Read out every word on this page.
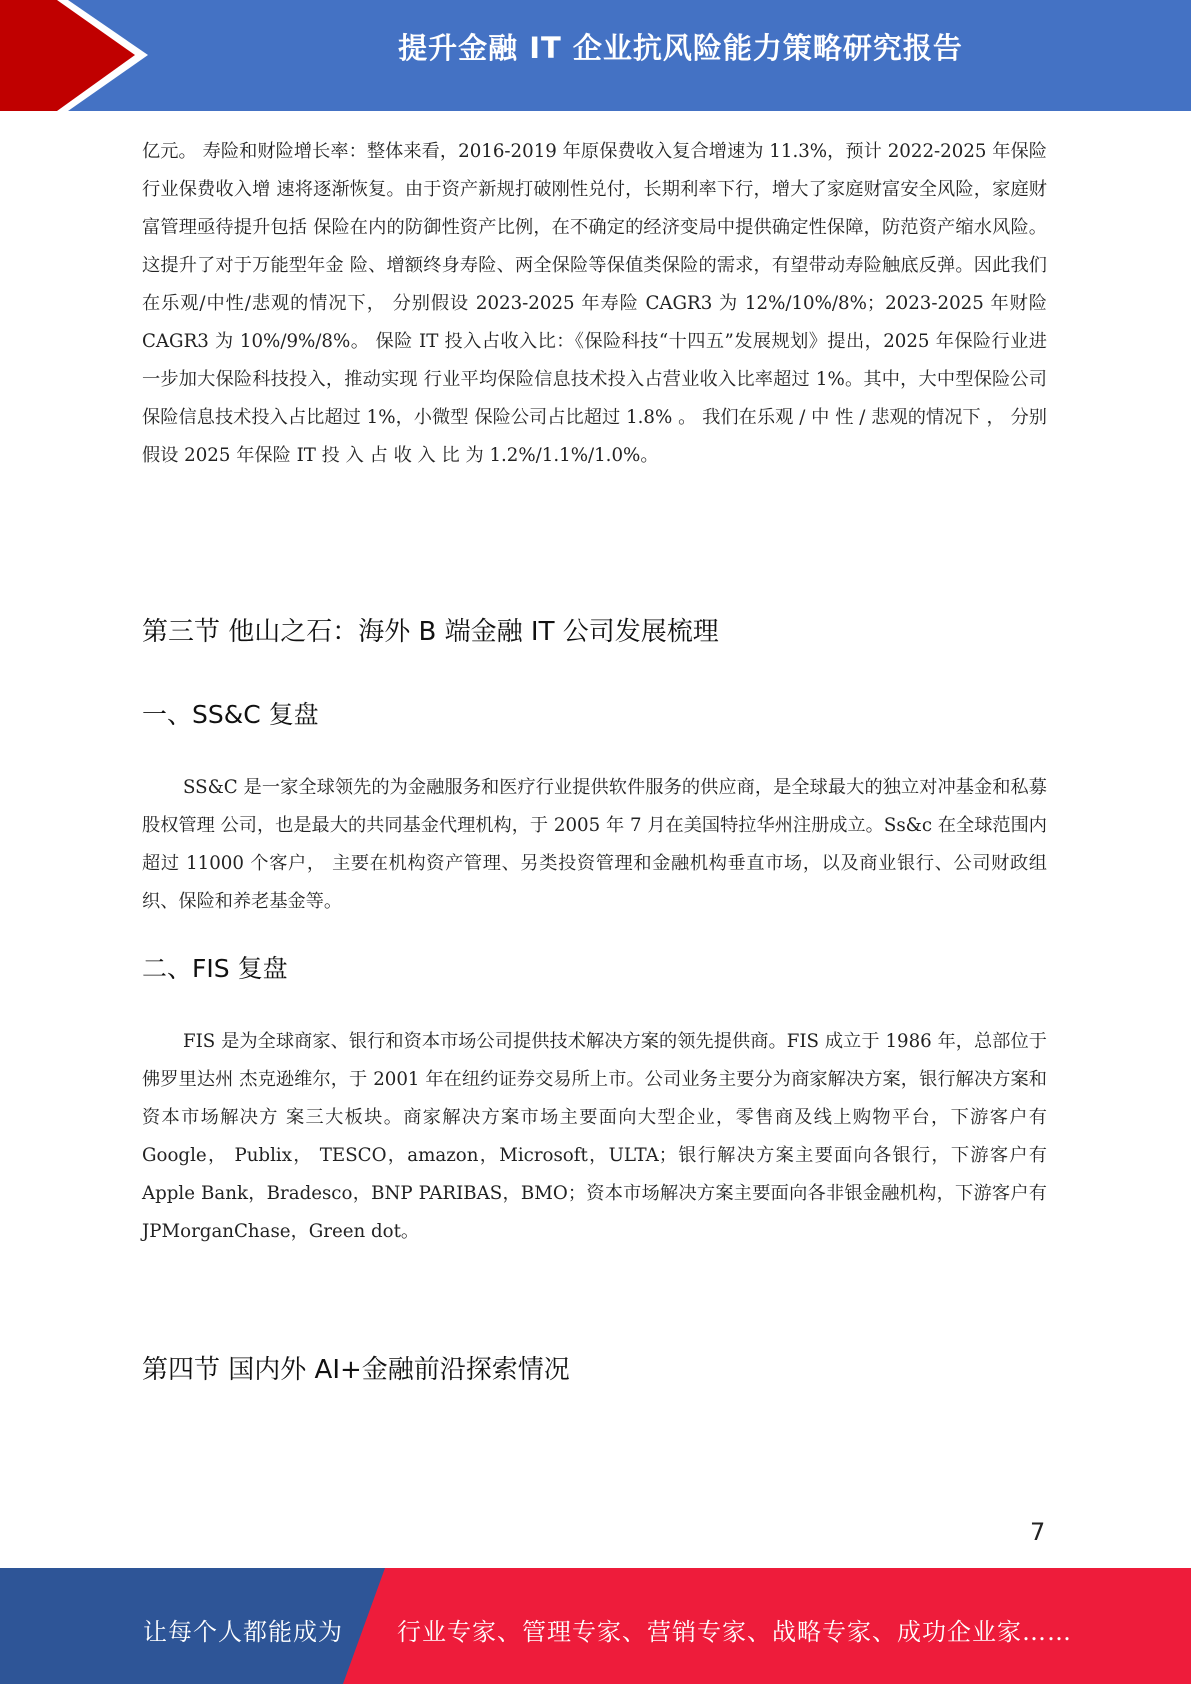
提升金融 IT 企业抗风险能力策略研究报告

亿元。 寿险和财险增长率：整体来看，2016-2019 年原保费收入复合增速为 11.3%，预计 2022-2025 年保险行业保费收入增 速将逐渐恢复。由于资产新规打破刚性兑付，长期利率下行，增大了家庭财富安全风险，家庭财富管理亟待提升包括 保险在内的防御性资产比例，在不确定的经济变局中提供确定性保障，防范资产缩水风险。这提升了对于万能型年金 险、增额终身寿险、两全保险等保值类保险的需求，有望带动寿险触底反弹。因此我们在乐观/中性/悲观的情况下， 分别假设 2023-2025 年寿险 CAGR3 为 12%/10%/8%；2023-2025 年财险 CAGR3 为 10%/9%/8%。 保险 IT 投入占收入比：《保险科技“十四五”发展规划》提出，2025 年保险行业进一步加大保险科技投入，推动实现 行业平均保险信息技术投入占营业收入比率超过 1%。其中，大中型保险公司保险信息技术投入占比超过 1%，小微型 保险公司占比超过 1.8% 。 我们在乐观 / 中 性 / 悲观的情况下 ， 分别假设 2025 年保险 IT 投 入 占 收 入 比 为 1.2%/1.1%/1.0%。

第三节 他山之石：海外 B 端金融 IT 公司发展梳理
一、SS&C 复盘

SS&C 是一家全球领先的为金融服务和医疗行业提供软件服务的供应商，是全球最大的独立对冲基金和私募股权管理 公司，也是最大的共同基金代理机构，于 2005 年 7 月在美国特拉华州注册成立。Ss&c 在全球范围内超过 11000 个客户， 主要在机构资产管理、另类投资管理和金融机构垂直市场，以及商业银行、公司财政组织、保险和养老基金等。

二、FIS 复盘

FIS 是为全球商家、银行和资本市场公司提供技术解决方案的领先提供商。FIS 成立于 1986 年，总部位于佛罗里达州 杰克逊维尔，于 2001 年在纽约证券交易所上市。公司业务主要分为商家解决方案，银行解决方案和资本市场解决方 案三大板块。商家解决方案市场主要面向大型企业，零售商及线上购物平台，下游客户有 Google， Publix， TESCO，amazon，Microsoft，ULTA；银行解决方案主要面向各银行，下游客户有 Apple Bank，Bradesco，BNP PARIBAS，BMO；资本市场解决方案主要面向各非银金融机构，下游客户有 JPMorganChase，Green dot。

第四节 国内外 AI+金融前沿探索情况
7
让每个人都能成为 行业专家、管理专家、营销专家、战略专家、成功企业家……
